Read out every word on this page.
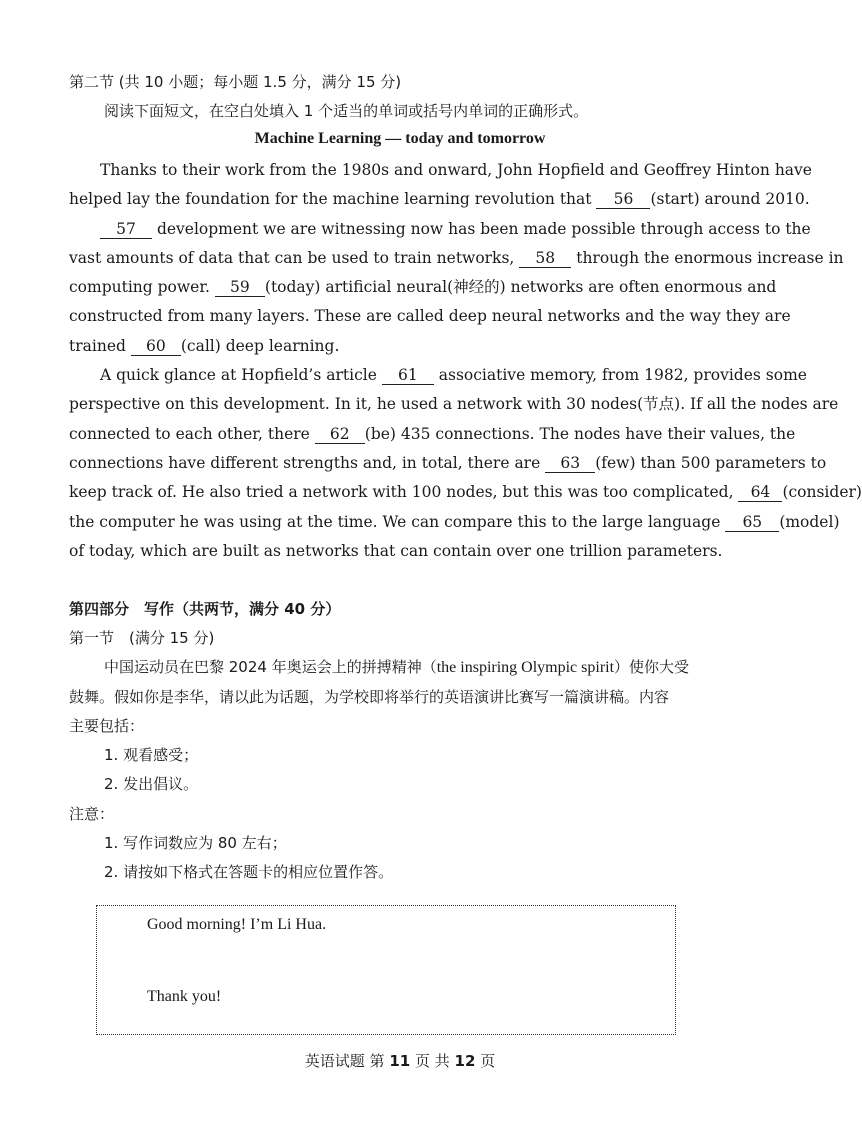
第二节 (共 10 小题；每小题 1.5 分，满分 15 分)
阅读下面短文，在空白处填入 1 个适当的单词或括号内单词的正确形式。
Machine Learning — today and tomorrow
Thanks to their work from the 1980s and onward, John Hopfield and Geoffrey Hinton have
helped lay the foundation for the machine learning revolution that 56 (start) around 2010.
57 development we are witnessing now has been made possible through access to the
vast amounts of data that can be used to train networks, 58 through the enormous increase in
computing power. 59 (today) artificial neural(神经的) networks are often enormous and
constructed from many layers. These are called deep neural networks and the way they are
trained 60 (call) deep learning.
A quick glance at Hopfield’s article 61 associative memory, from 1982, provides some
perspective on this development. In it, he used a network with 30 nodes(节点). If all the nodes are
connected to each other, there 62 (be) 435 connections. The nodes have their values, the
connections have different strengths and, in total, there are 63 (few) than 500 parameters to
keep track of. He also tried a network with 100 nodes, but this was too complicated, 64 (consider)
the computer he was using at the time. We can compare this to the large language 65 (model)
of today, which are built as networks that can contain over one trillion parameters.
第四部分　写作（共两节，满分 40 分）
第一节　(满分 15 分)
中国运动员在巴黎 2024 年奥运会上的拼搏精神（the inspiring Olympic spirit）使你大受
鼓舞。假如你是李华，请以此为话题，为学校即将举行的英语演讲比赛写一篇演讲稿。内容
主要包括：
1. 观看感受；
2. 发出倡议。
注意：
1. 写作词数应为 80 左右；
2. 请按如下格式在答题卡的相应位置作答。
Good morning! I’m Li Hua.
Thank you!
英语试题 第 11 页 共 12 页
